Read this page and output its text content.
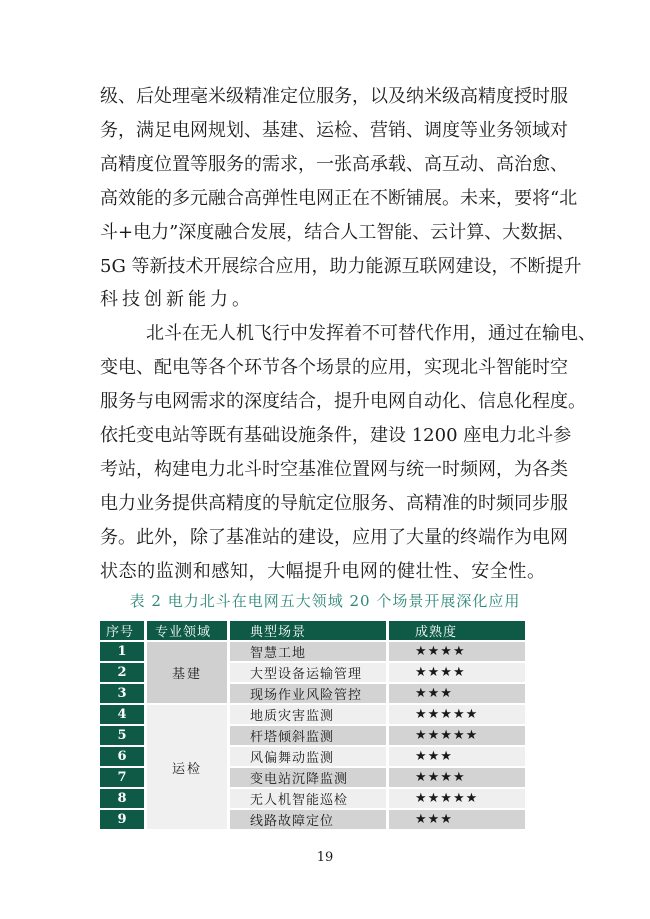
级、后处理毫米级精准定位服务，以及纳米级高精度授时服
务，满足电网规划、基建、运检、营销、调度等业务领域对
高精度位置等服务的需求，一张高承载、高互动、高治愈、
高效能的多元融合高弹性电网正在不断铺展。未来，要将“北
斗+电力”深度融合发展，结合人工智能、云计算、大数据、
5G 等新技术开展综合应用，助力能源互联网建设，不断提升
科技创新能力。
北斗在无人机飞行中发挥着不可替代作用，通过在输电、
变电、配电等各个环节各个场景的应用，实现北斗智能时空
服务与电网需求的深度结合，提升电网自动化、信息化程度。
依托变电站等既有基础设施条件，建设 1200 座电力北斗参
考站，构建电力北斗时空基准位置网与统一时频网，为各类
电力业务提供高精度的导航定位服务、高精准的时频同步服
务。此外，除了基准站的建设，应用了大量的终端作为电网
状态的监测和感知，大幅提升电网的健壮性、安全性。
表 2 电力北斗在电网五大领域 20 个场景开展深化应用
序号	专业领域	典型场景	成熟度
1	基建	智慧工地	★★★★
2		大型设备运输管理	★★★★
3		现场作业风险管控	★★★
4	运检	地质灾害监测	★★★★★
5		杆塔倾斜监测	★★★★★
6		风偏舞动监测	★★★
7		变电站沉降监测	★★★★
8		无人机智能巡检	★★★★★
9		线路故障定位	★★★
19
